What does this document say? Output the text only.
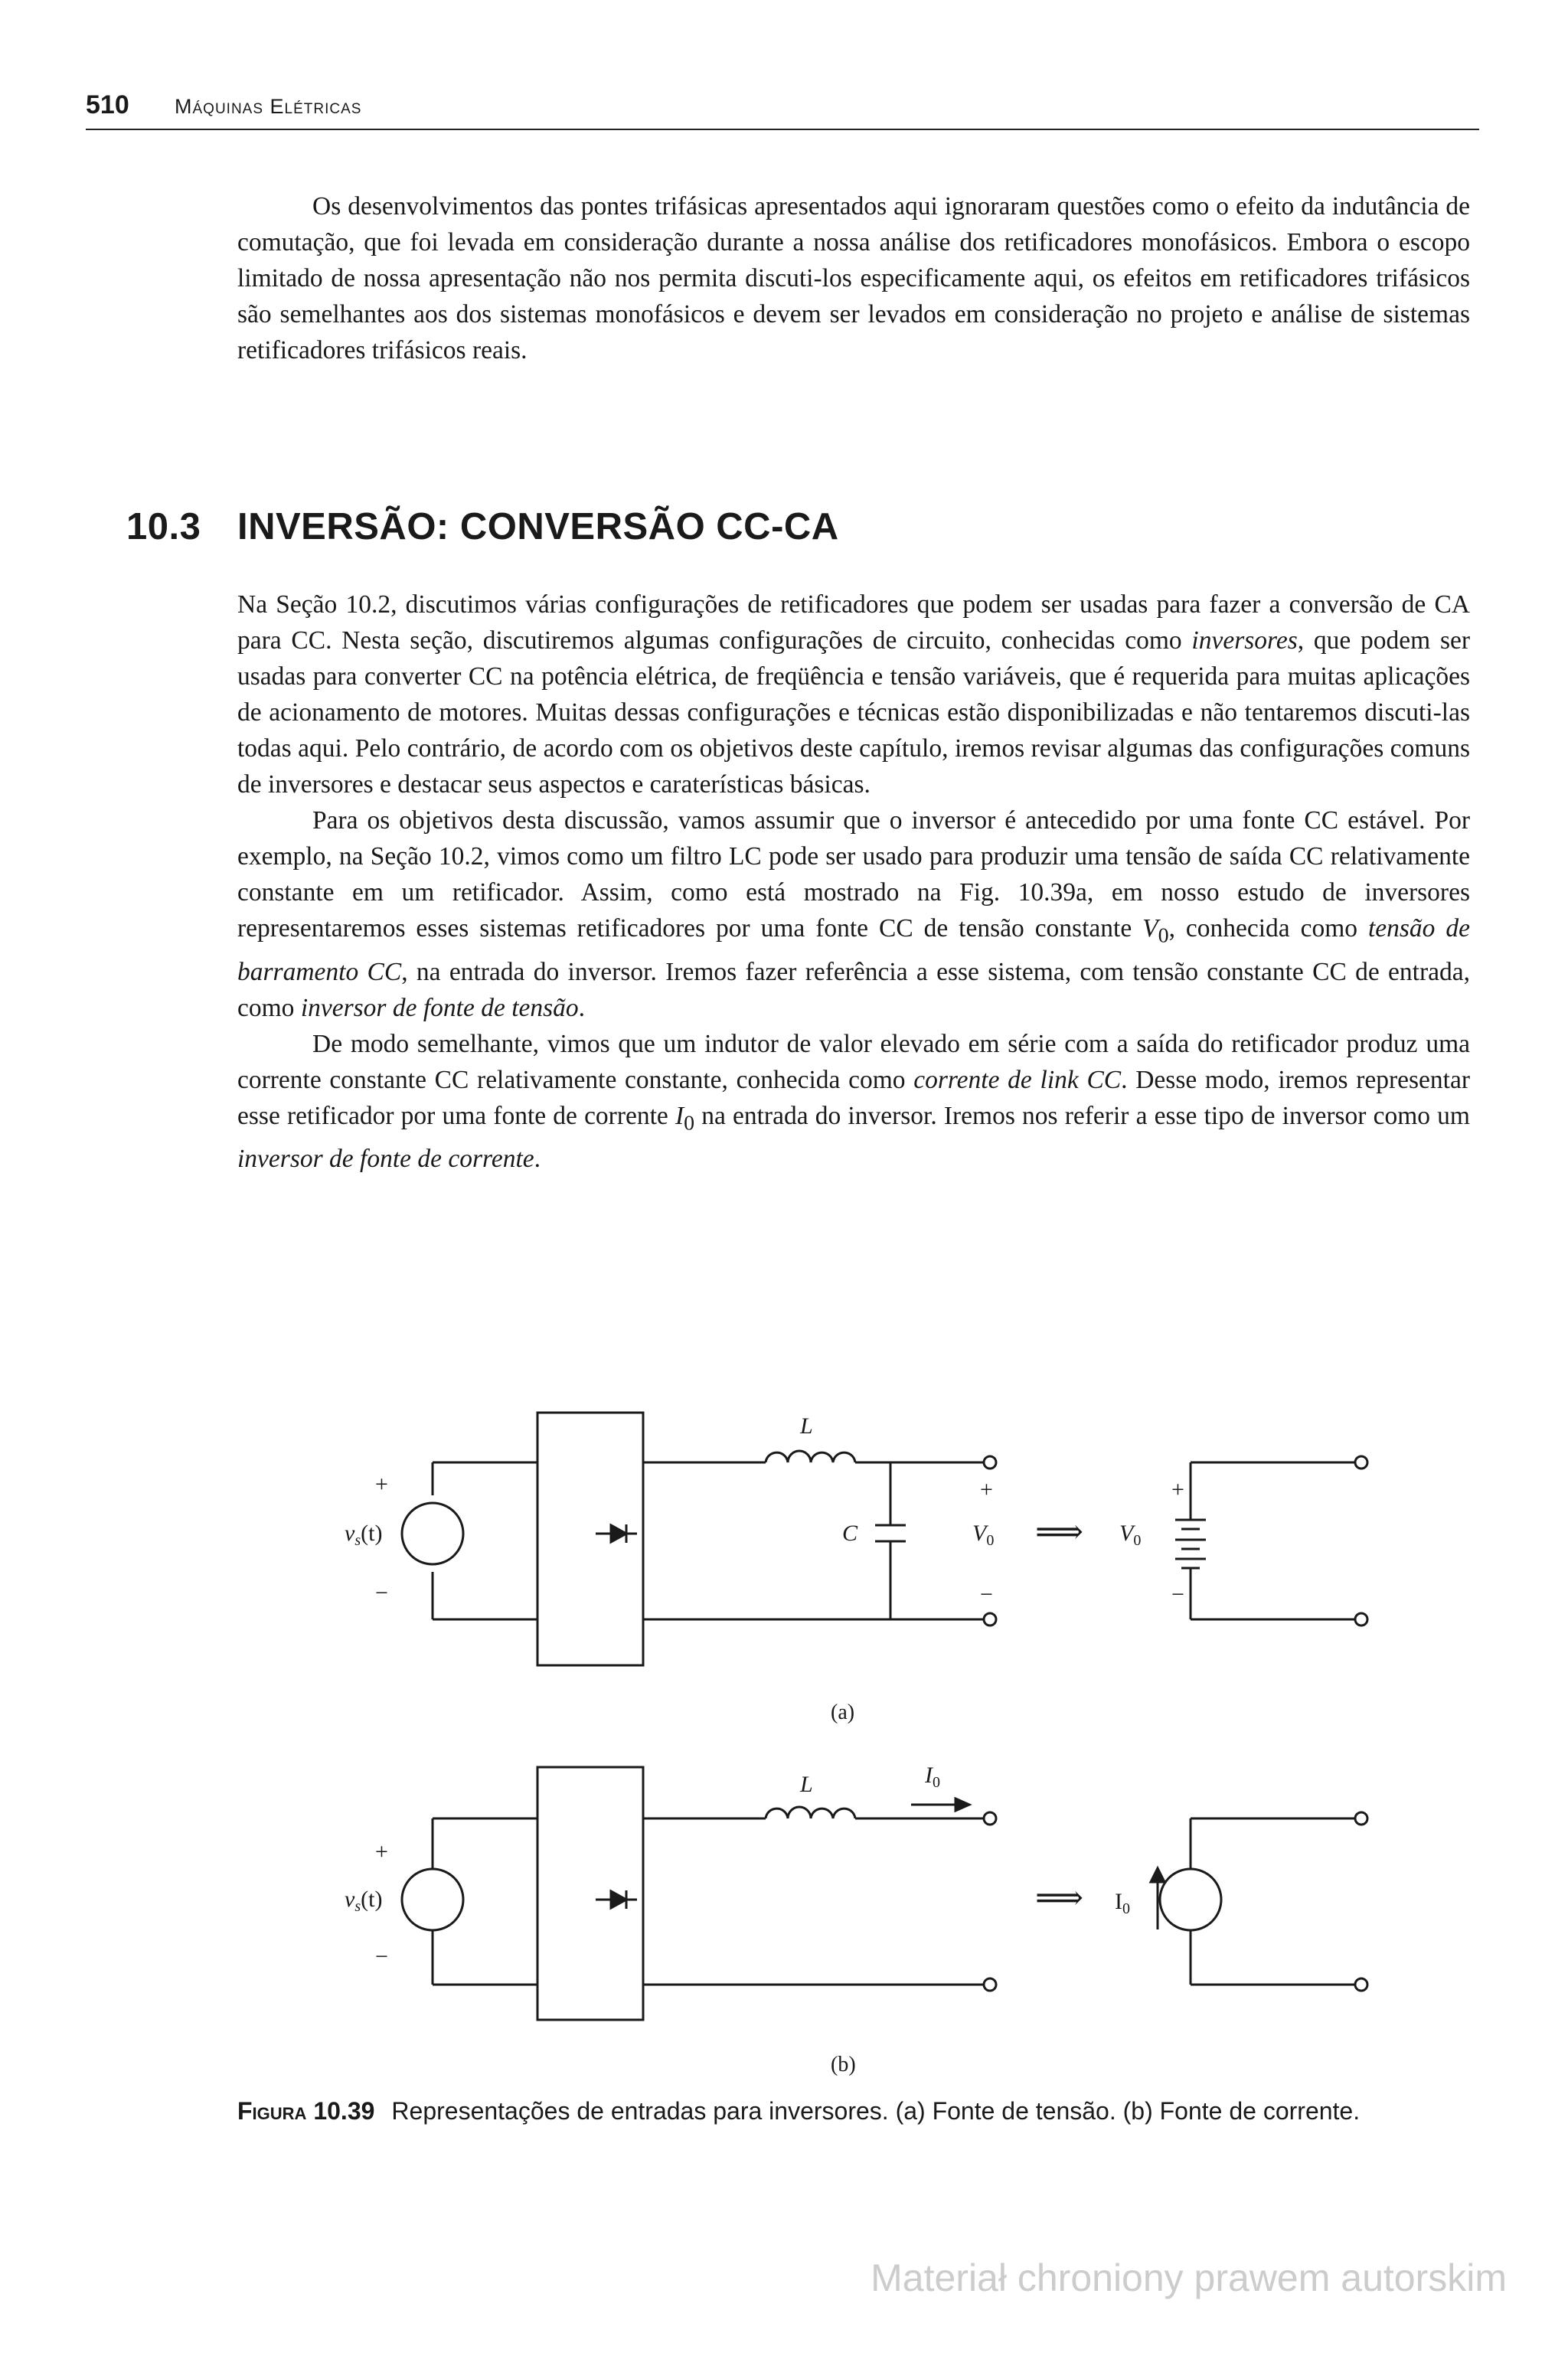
510 Máquinas Elétricas

Os desenvolvimentos das pontes trifásicas apresentados aqui ignoraram questões como o efeito da indutância de comutação, que foi levada em consideração durante a nossa análise dos retificadores monofásicos. Embora o escopo limitado de nossa apresentação não nos permita discuti-los especificamente aqui, os efeitos em retificadores trifásicos são semelhantes aos dos sistemas monofásicos e devem ser levados em consideração no projeto e análise de sistemas retificadores trifásicos reais.

10.3 INVERSÃO: CONVERSÃO CC-CA

Na Seção 10.2, discutimos várias configurações de retificadores que podem ser usadas para fazer a conversão de CA para CC. Nesta seção, discutiremos algumas configurações de circuito, conhecidas como inversores, que podem ser usadas para converter CC na potência elétrica, de freqüência e tensão variáveis, que é requerida para muitas aplicações de acionamento de motores. Muitas dessas configurações e técnicas estão disponibilizadas e não tentaremos discuti-las todas aqui. Pelo contrário, de acordo com os objetivos deste capítulo, iremos revisar algumas das configurações comuns de inversores e destacar seus aspectos e caraterísticas básicas.

Para os objetivos desta discussão, vamos assumir que o inversor é antecedido por uma fonte CC estável. Por exemplo, na Seção 10.2, vimos como um filtro LC pode ser usado para produzir uma tensão de saída CC relativamente constante em um retificador. Assim, como está mostrado na Fig. 10.39a, em nosso estudo de inversores representaremos esses sistemas retificadores por uma fonte CC de tensão constante $V_0$, conhecida como tensão de barramento CC, na entrada do inversor. Iremos fazer referência a esse sistema, com tensão constante CC de entrada, como inversor de fonte de tensão.

De modo semelhante, vimos que um indutor de valor elevado em série com a saída do retificador produz uma corrente constante CC relativamente constante, conhecida como corrente de link CC. Desse modo, iremos representar esse retificador por uma fonte de corrente $I_0$ na entrada do inversor. Iremos nos referir a esse tipo de inversor como um inversor de fonte de corrente.

+
−
$v_s(t)$
L
C
+
$V_0$
−
⟹
+
$V_0$
−
(a)
+
−
$v_s(t)$
L	$I_0$
⟹ $I_0$
(b)
Figura 10.39 Representações de entradas para inversores. (a) Fonte de tensão. (b) Fonte de corrente.
Materiał chroniony prawem autorskim
